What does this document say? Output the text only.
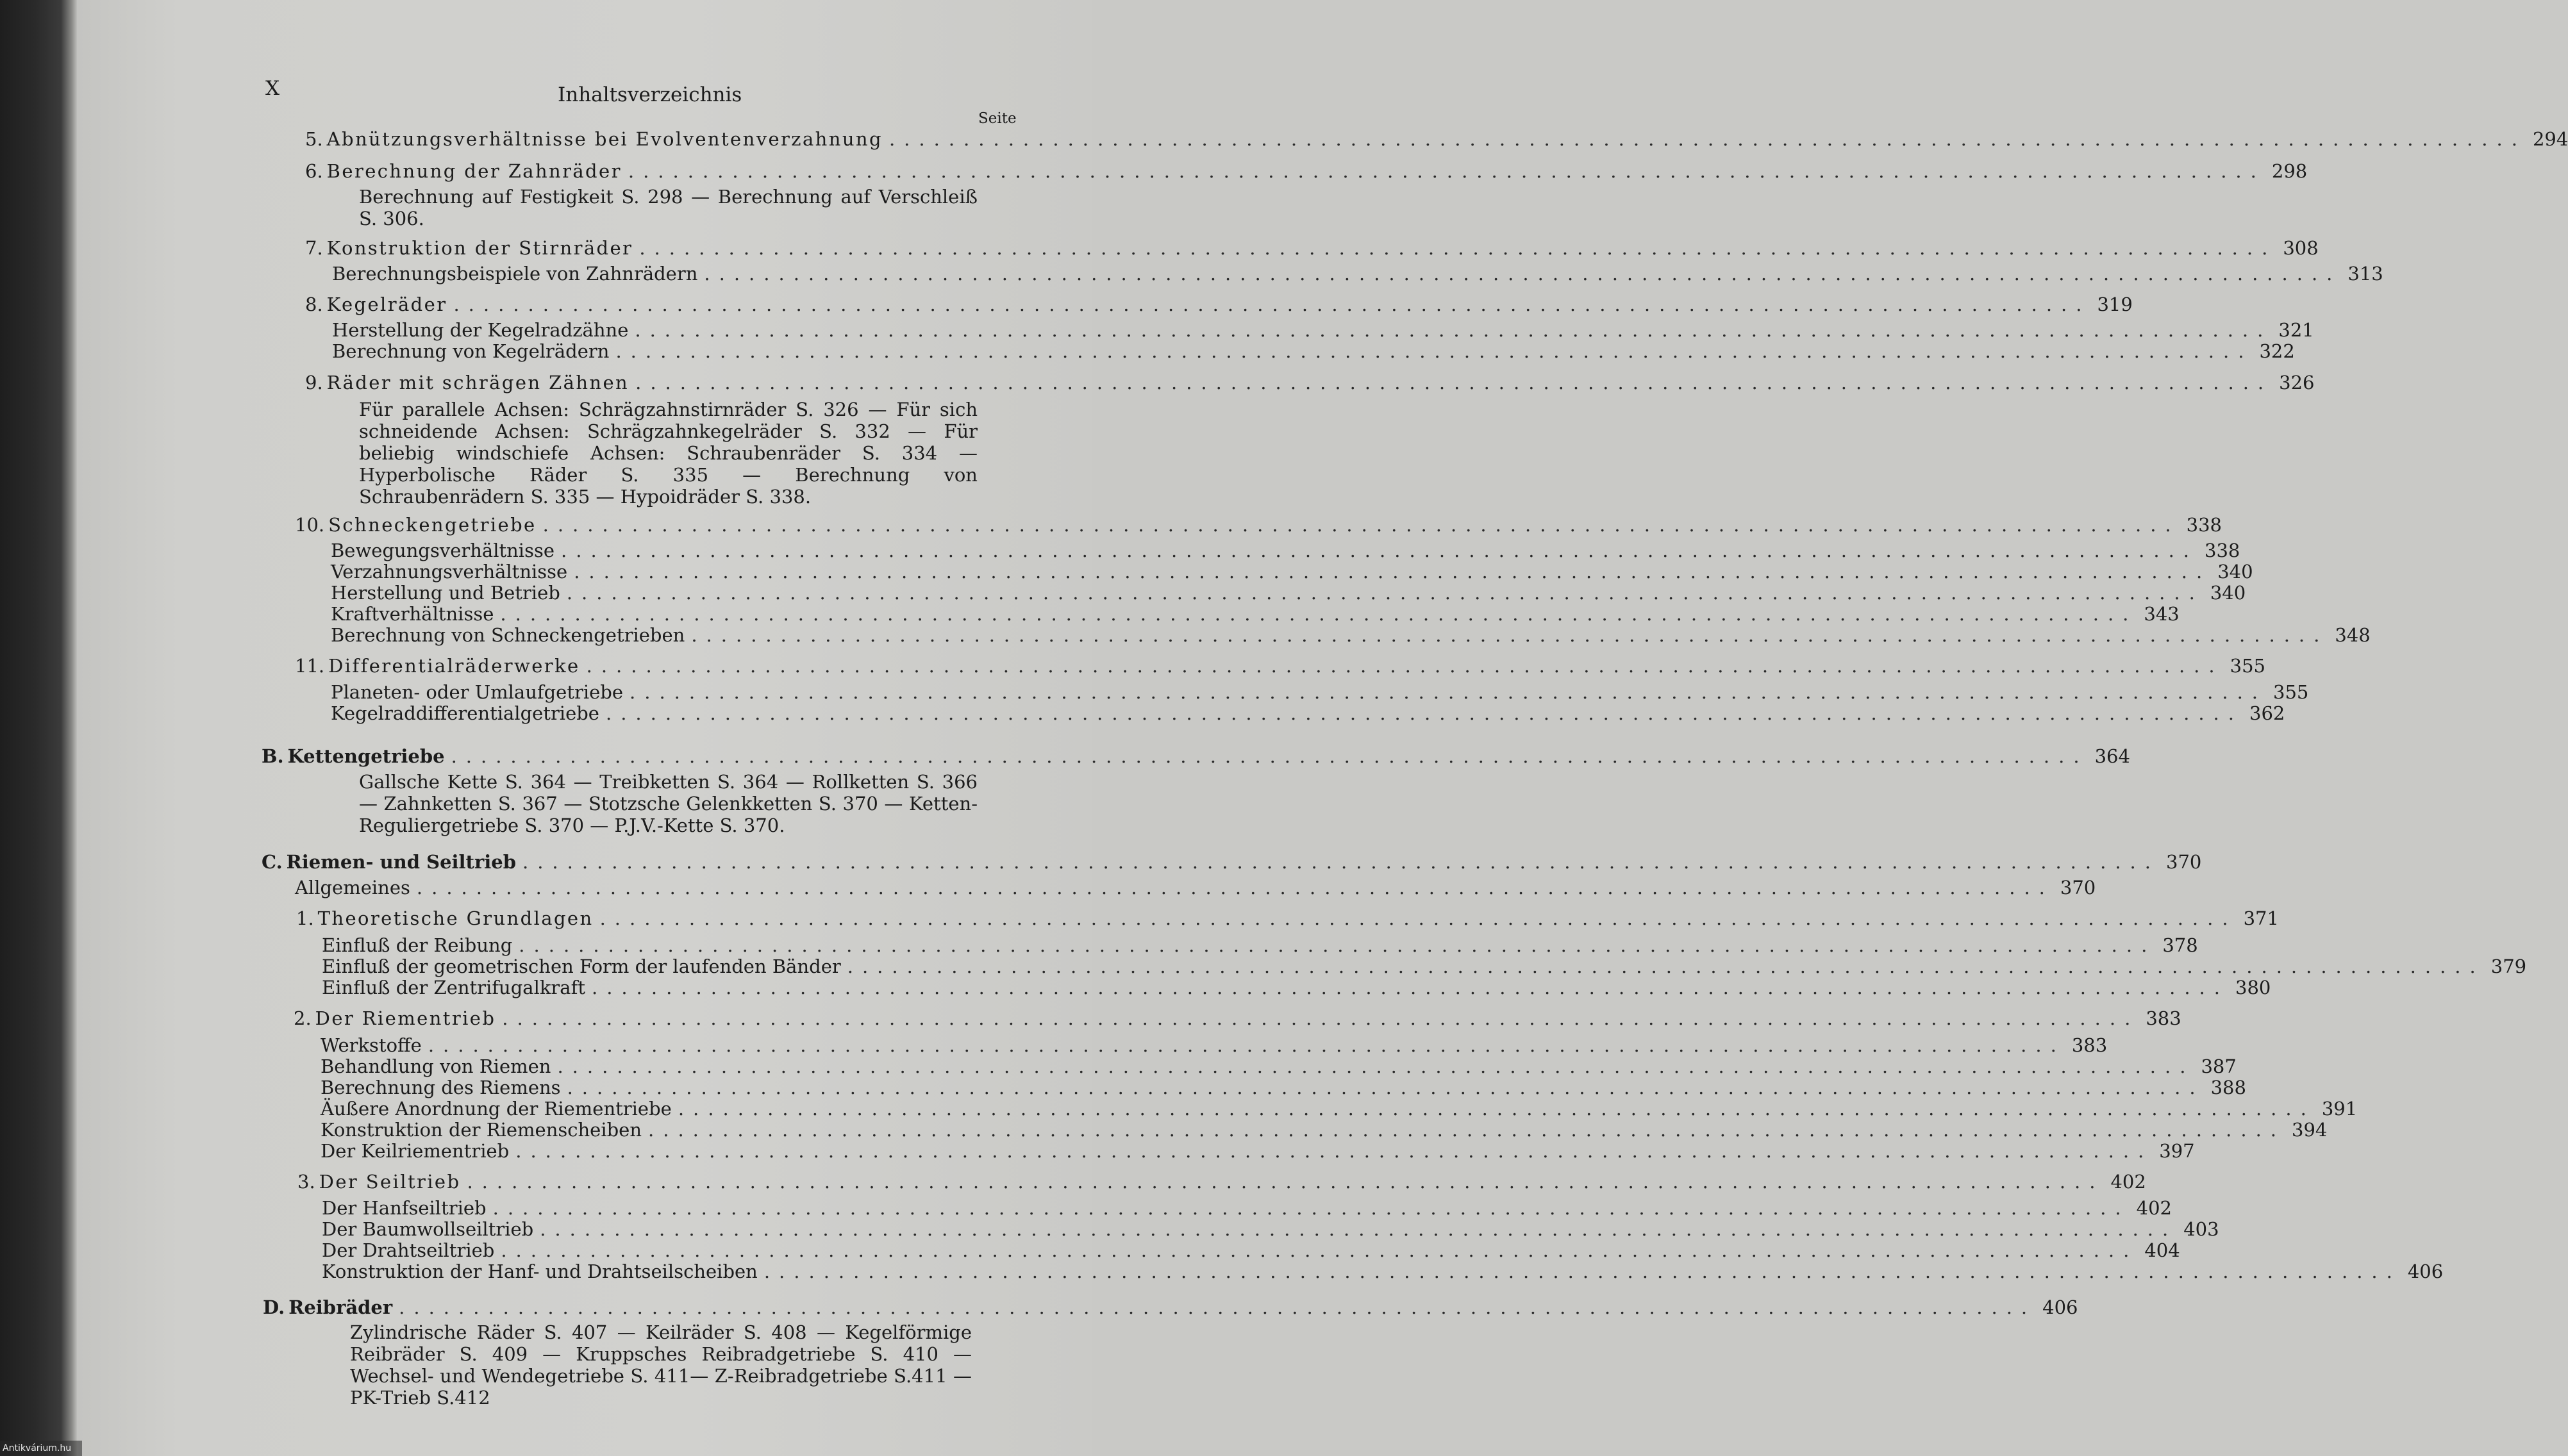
X	Inhaltsverzeichnis
Seite
5. Abnützungsverhältnisse bei Evolventenverzahnung .............................................................................................................. 294
6. Berechnung der Zahnräder .............................................................................................................. 298
Berechnung auf Festigkeit S. 298 — Berechnung auf Verschleiß S. 306.
7. Konstruktion der Stirnräder .............................................................................................................. 308
Berechnungsbeispiele von Zahnrädern .............................................................................................................. 313
8. Kegelräder .............................................................................................................. 319
Herstellung der Kegelradzähne .............................................................................................................. 321
Berechnung von Kegelrädern .............................................................................................................. 322
9. Räder mit schrägen Zähnen .............................................................................................................. 326
Für parallele Achsen: Schrägzahnstirnräder S. 326 — Für sich schneidende Achsen: Schrägzahnkegelräder S. 332 — Für beliebig windschiefe Achsen: Schraubenräder S. 334 — Hyperbolische Räder S. 335 — Berechnung von Schraubenrädern S. 335 — Hypoidräder S. 338.
10. Schneckengetriebe .............................................................................................................. 338
Bewegungsverhältnisse .............................................................................................................. 338
Verzahnungsverhältnisse .............................................................................................................. 340
Herstellung und Betrieb .............................................................................................................. 340
Kraftverhältnisse .............................................................................................................. 343
Berechnung von Schneckengetrieben .............................................................................................................. 348
11. Differentialräderwerke .............................................................................................................. 355
Planeten- oder Umlaufgetriebe .............................................................................................................. 355
Kegelraddifferentialgetriebe .............................................................................................................. 362
B. Kettengetriebe .............................................................................................................. 364
Gallsche Kette S. 364 — Treibketten S. 364 — Rollketten S. 366 — Zahnketten S. 367 — Stotzsche Gelenkketten S. 370 — Ketten-Reguliergetriebe S. 370 — P.J.V.-Kette S. 370.
C. Riemen- und Seiltrieb .............................................................................................................. 370
Allgemeines .............................................................................................................. 370
1. Theoretische Grundlagen .............................................................................................................. 371
Einfluß der Reibung .............................................................................................................. 378
Einfluß der geometrischen Form der laufenden Bänder .............................................................................................................. 379
Einfluß der Zentrifugalkraft .............................................................................................................. 380
2. Der Riementrieb .............................................................................................................. 383
Werkstoffe .............................................................................................................. 383
Behandlung von Riemen .............................................................................................................. 387
Berechnung des Riemens .............................................................................................................. 388
Äußere Anordnung der Riementriebe .............................................................................................................. 391
Konstruktion der Riemenscheiben .............................................................................................................. 394
Der Keilriementrieb .............................................................................................................. 397
3. Der Seiltrieb .............................................................................................................. 402
Der Hanfseiltrieb .............................................................................................................. 402
Der Baumwollseiltrieb .............................................................................................................. 403
Der Drahtseiltrieb .............................................................................................................. 404
Konstruktion der Hanf- und Drahtseilscheiben .............................................................................................................. 406
D. Reibräder .............................................................................................................. 406
Zylindrische Räder S. 407 — Keilräder S. 408 — Kegelförmige Reibräder S. 409 — Kruppsches Reibradgetriebe S. 410 — Wechsel- und Wendegetriebe S. 411— Z-Reibradgetriebe S.411 — PK-Trieb S.412
Antikvárium.hu
